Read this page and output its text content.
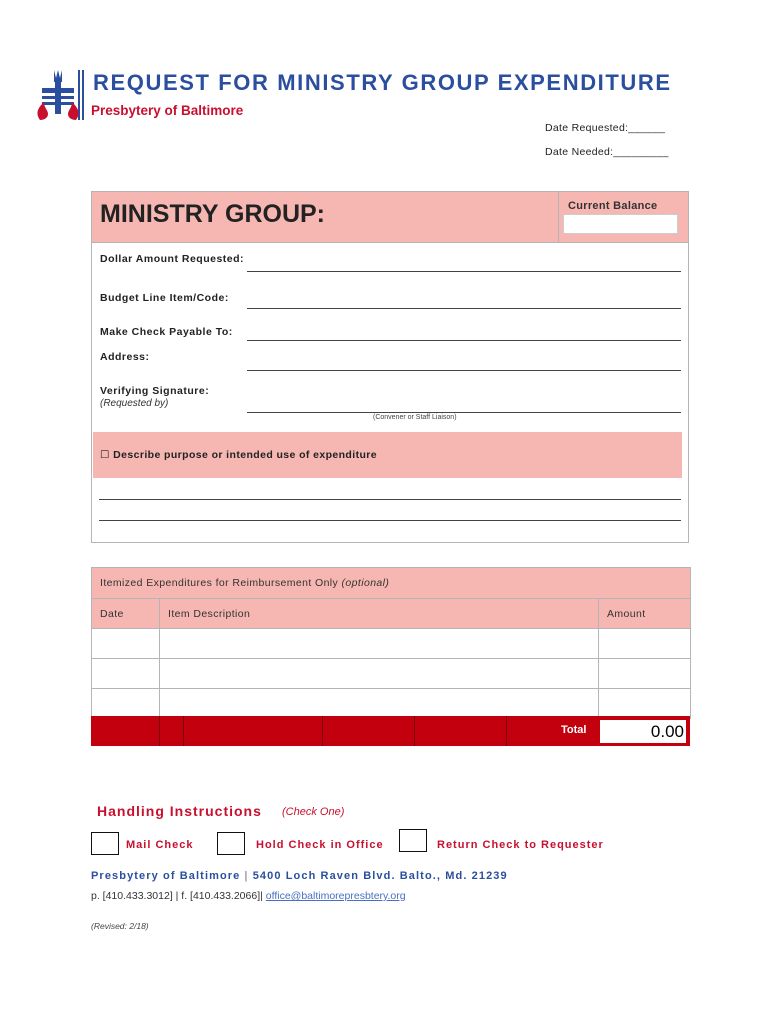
REQUEST FOR MINISTRY GROUP EXPENDITURE
Presbytery of Baltimore
Date Requested:______
Date Needed:_________
MINISTRY GROUP:	Current Balance
Dollar Amount Requested:
Budget Line Item/Code:
Make Check Payable To:
Address:
Verifying Signature:
(Requested by)
(Convener or Staff Liaison)
☐ Describe purpose or intended use of expenditure
Itemized Expenditures for Reimbursement Only (optional)		
Date	Item Description	Amount

Total	0.00
Handling Instructions (Check One)
Mail Check	Hold Check in Office	Return Check to Requester
Presbytery of Baltimore | 5400 Loch Raven Blvd. Balto., Md. 21239
p. [410.433.3012] | f. [410.433.2066]| office@baltimorepresbtery.org
(Revised: 2/18)
